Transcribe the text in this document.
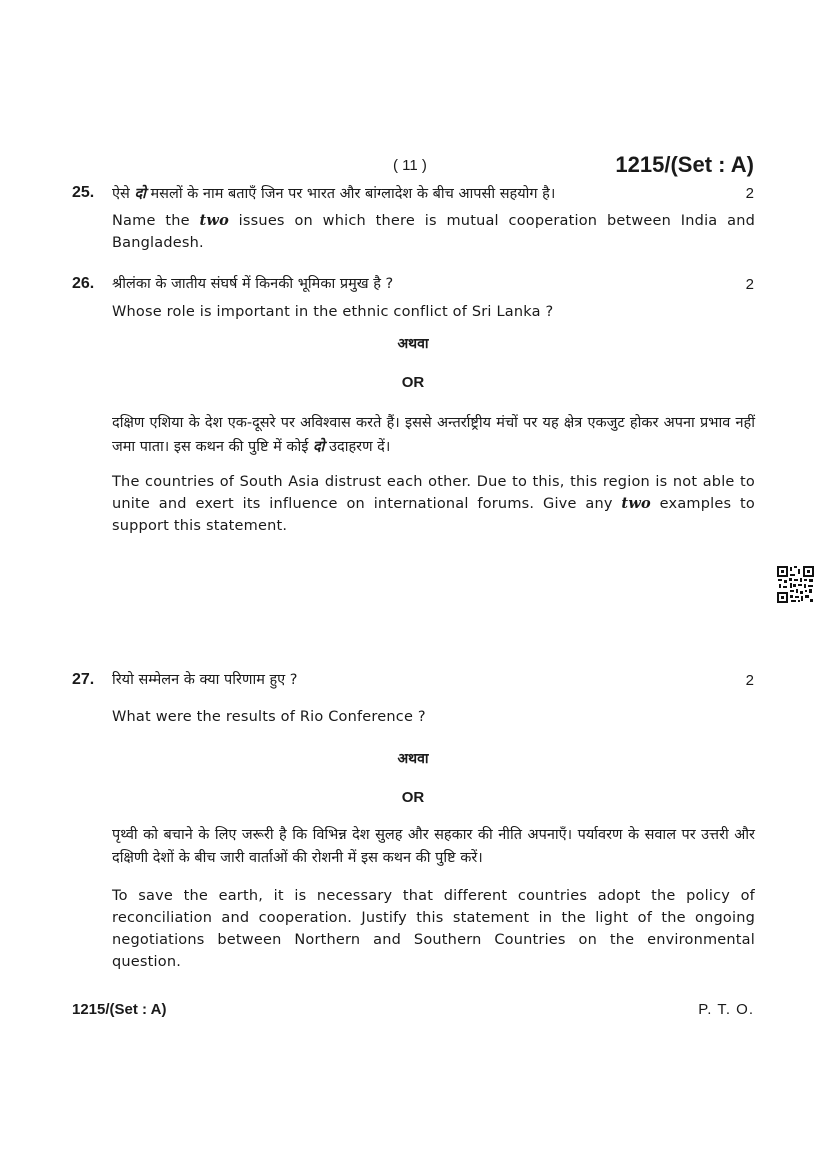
( 11 )	1215/(Set : A)
25.	2

ऐसे दो मसलों के नाम बताएँ जिन पर भारत और बांग्लादेश के बीच आपसी सहयोग है।

Name the two issues on which there is mutual cooperation between India and Bangladesh.

26.	2

श्रीलंका के जातीय संघर्ष में किनकी भूमिका प्रमुख है ?

Whose role is important in the ethnic conflict of Sri Lanka ?

अथवा
OR

दक्षिण एशिया के देश एक-दूसरे पर अविश्वास करते हैं। इससे अन्तर्राष्ट्रीय मंचों पर यह क्षेत्र एकजुट होकर अपना प्रभाव नहीं जमा पाता। इस कथन की पुष्टि में कोई दो उदाहरण दें।

The countries of South Asia distrust each other. Due to this, this region is not able to unite and exert its influence on international forums. Give any two examples to support this statement.

27.	2

रियो सम्मेलन के क्या परिणाम हुए ?

What were the results of Rio Conference ?

अथवा
OR

पृथ्वी को बचाने के लिए जरूरी है कि विभिन्न देश सुलह और सहकार की नीति अपनाएँ। पर्यावरण के सवाल पर उत्तरी और दक्षिणी देशों के बीच जारी वार्ताओं की रोशनी में इस कथन की पुष्टि करें।

To save the earth, it is necessary that different countries adopt the policy of reconciliation and cooperation. Justify this statement in the light of the ongoing negotiations between Northern and Southern Countries on the environmental question.

1215/(Set : A)	P. T. O.
